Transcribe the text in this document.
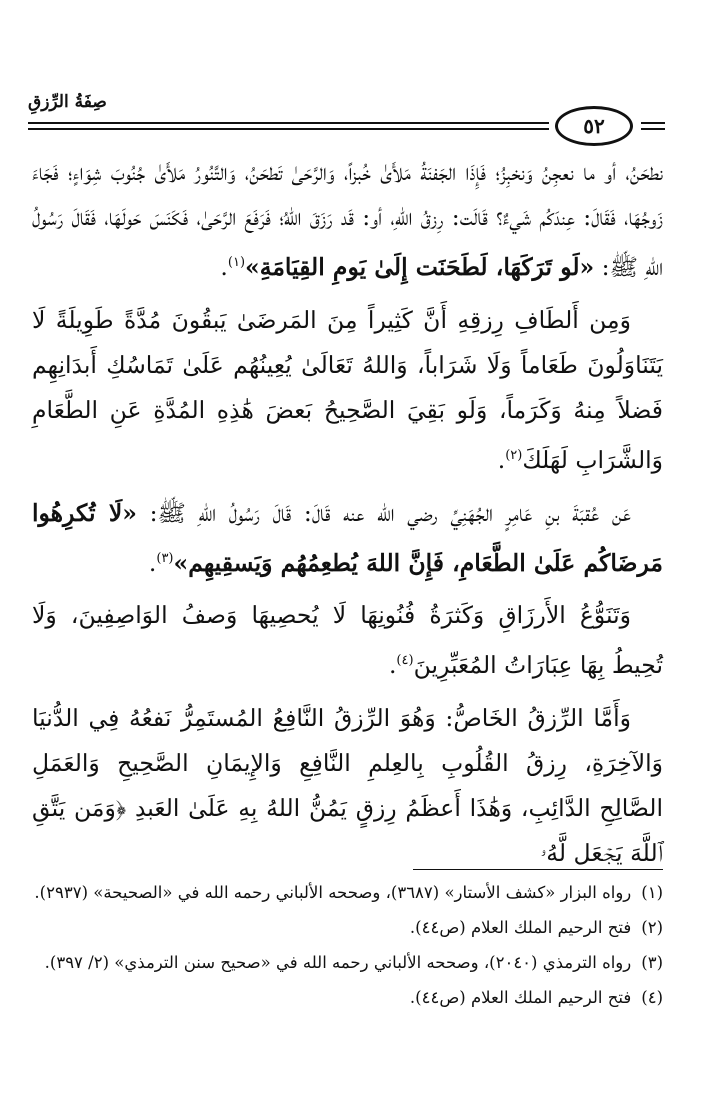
صِفَةُ الرِّزقِ
٥٢

نطحَنُ، أو ما نعجِنُ وَنخبِزُ؛ فَإِذَا الجَفنَةُ مَلأَىٰ خُبزاً، وَالرَّحَىٰ تَطحَنُ، وَالتَّنُورُ مَلأَىٰ جُنُوبَ شِوَاءٍ؛ فَجَاءَ زَوجُهَا، فَقَالَ: عِندَكُم شَيءٌ؟ قَالَت: رِزقُ اللهِ، أو: قَد رَزَقَ اللهُ؛ فَرَفَعَ الرَّحَىٰ، فَكَنَسَ حَولَهَا، فَقَالَ رَسُولُ اللهِ ﷺ: «لَو تَرَكَهَا، لَطَحَنَت إِلَىٰ يَومِ القِيَامَةِ»$^{(١)}$.

وَمِن أَلطَافِ رِزقِهِ أَنَّ كَثِيراً مِنَ المَرضَىٰ يَبقُونَ مُدَّةً طَوِيلَةً لَا يَتَنَاوَلُونَ طَعَاماً وَلَا شَرَاباً، وَاللهُ تَعَالَىٰ يُعِينُهُم عَلَىٰ تَمَاسُكِ أَبدَانِهِم فَضلاً مِنهُ وَكَرَماً، وَلَو بَقِيَ الصَّحِيحُ بَعضَ هَٰذِهِ المُدَّةِ عَنِ الطَّعَامِ وَالشَّرَابِ لَهَلَكَ$^{(٢)}$.

عَن عُقبَةَ بنِ عَامِرٍ الجُهَنِيِّ رضي الله عنه قَالَ: قَالَ رَسُولُ اللهِ ﷺ: «لَا تُكرِهُوا مَرضَاكُم عَلَىٰ الطَّعَامِ، فَإِنَّ اللهَ يُطعِمُهُم وَيَسقِيهِم»$^{(٣)}$.

وَتَنَوُّعُ الأَرزَاقِ وَكَثرَةُ فُنُونِهَا لَا يُحصِيهَا وَصفُ الوَاصِفِينَ، وَلَا تُحِيطُ بِهَا عِبَارَاتُ المُعَبِّرِينَ$^{(٤)}$.

وَأَمَّا الرِّزقُ الخَاصُّ: وَهُوَ الرِّزقُ النَّافِعُ المُستَمِرُّ نَفعُهُ فِي الدُّنيَا وَالآخِرَةِ، رِزقُ القُلُوبِ بِالعِلمِ النَّافِعِ وَالإِيمَانِ الصَّحِيحِ وَالعَمَلِ الصَّالِحِ الدَّائِبِ، وَهَٰذَا أَعظَمُ رِزقٍ يَمُنُّ اللهُ بِهِ عَلَىٰ العَبدِ ﴿وَمَن يَتَّقِ ٱللَّهَ يَجۡعَل لَّهُۥ

(١)
رواه البزار «كشف الأستار» (٣٦٨٧)، وصححه الألباني رحمه الله في «الصحيحة» (٢٩٣٧).
(٢)
فتح الرحيم الملك العلام (ص٤٤).
(٣)
رواه الترمذي (٢٠٤٠)، وصححه الألباني رحمه الله في «صحيح سنن الترمذي» (٢/ ٣٩٧).
(٤)
فتح الرحيم الملك العلام (ص٤٤).
